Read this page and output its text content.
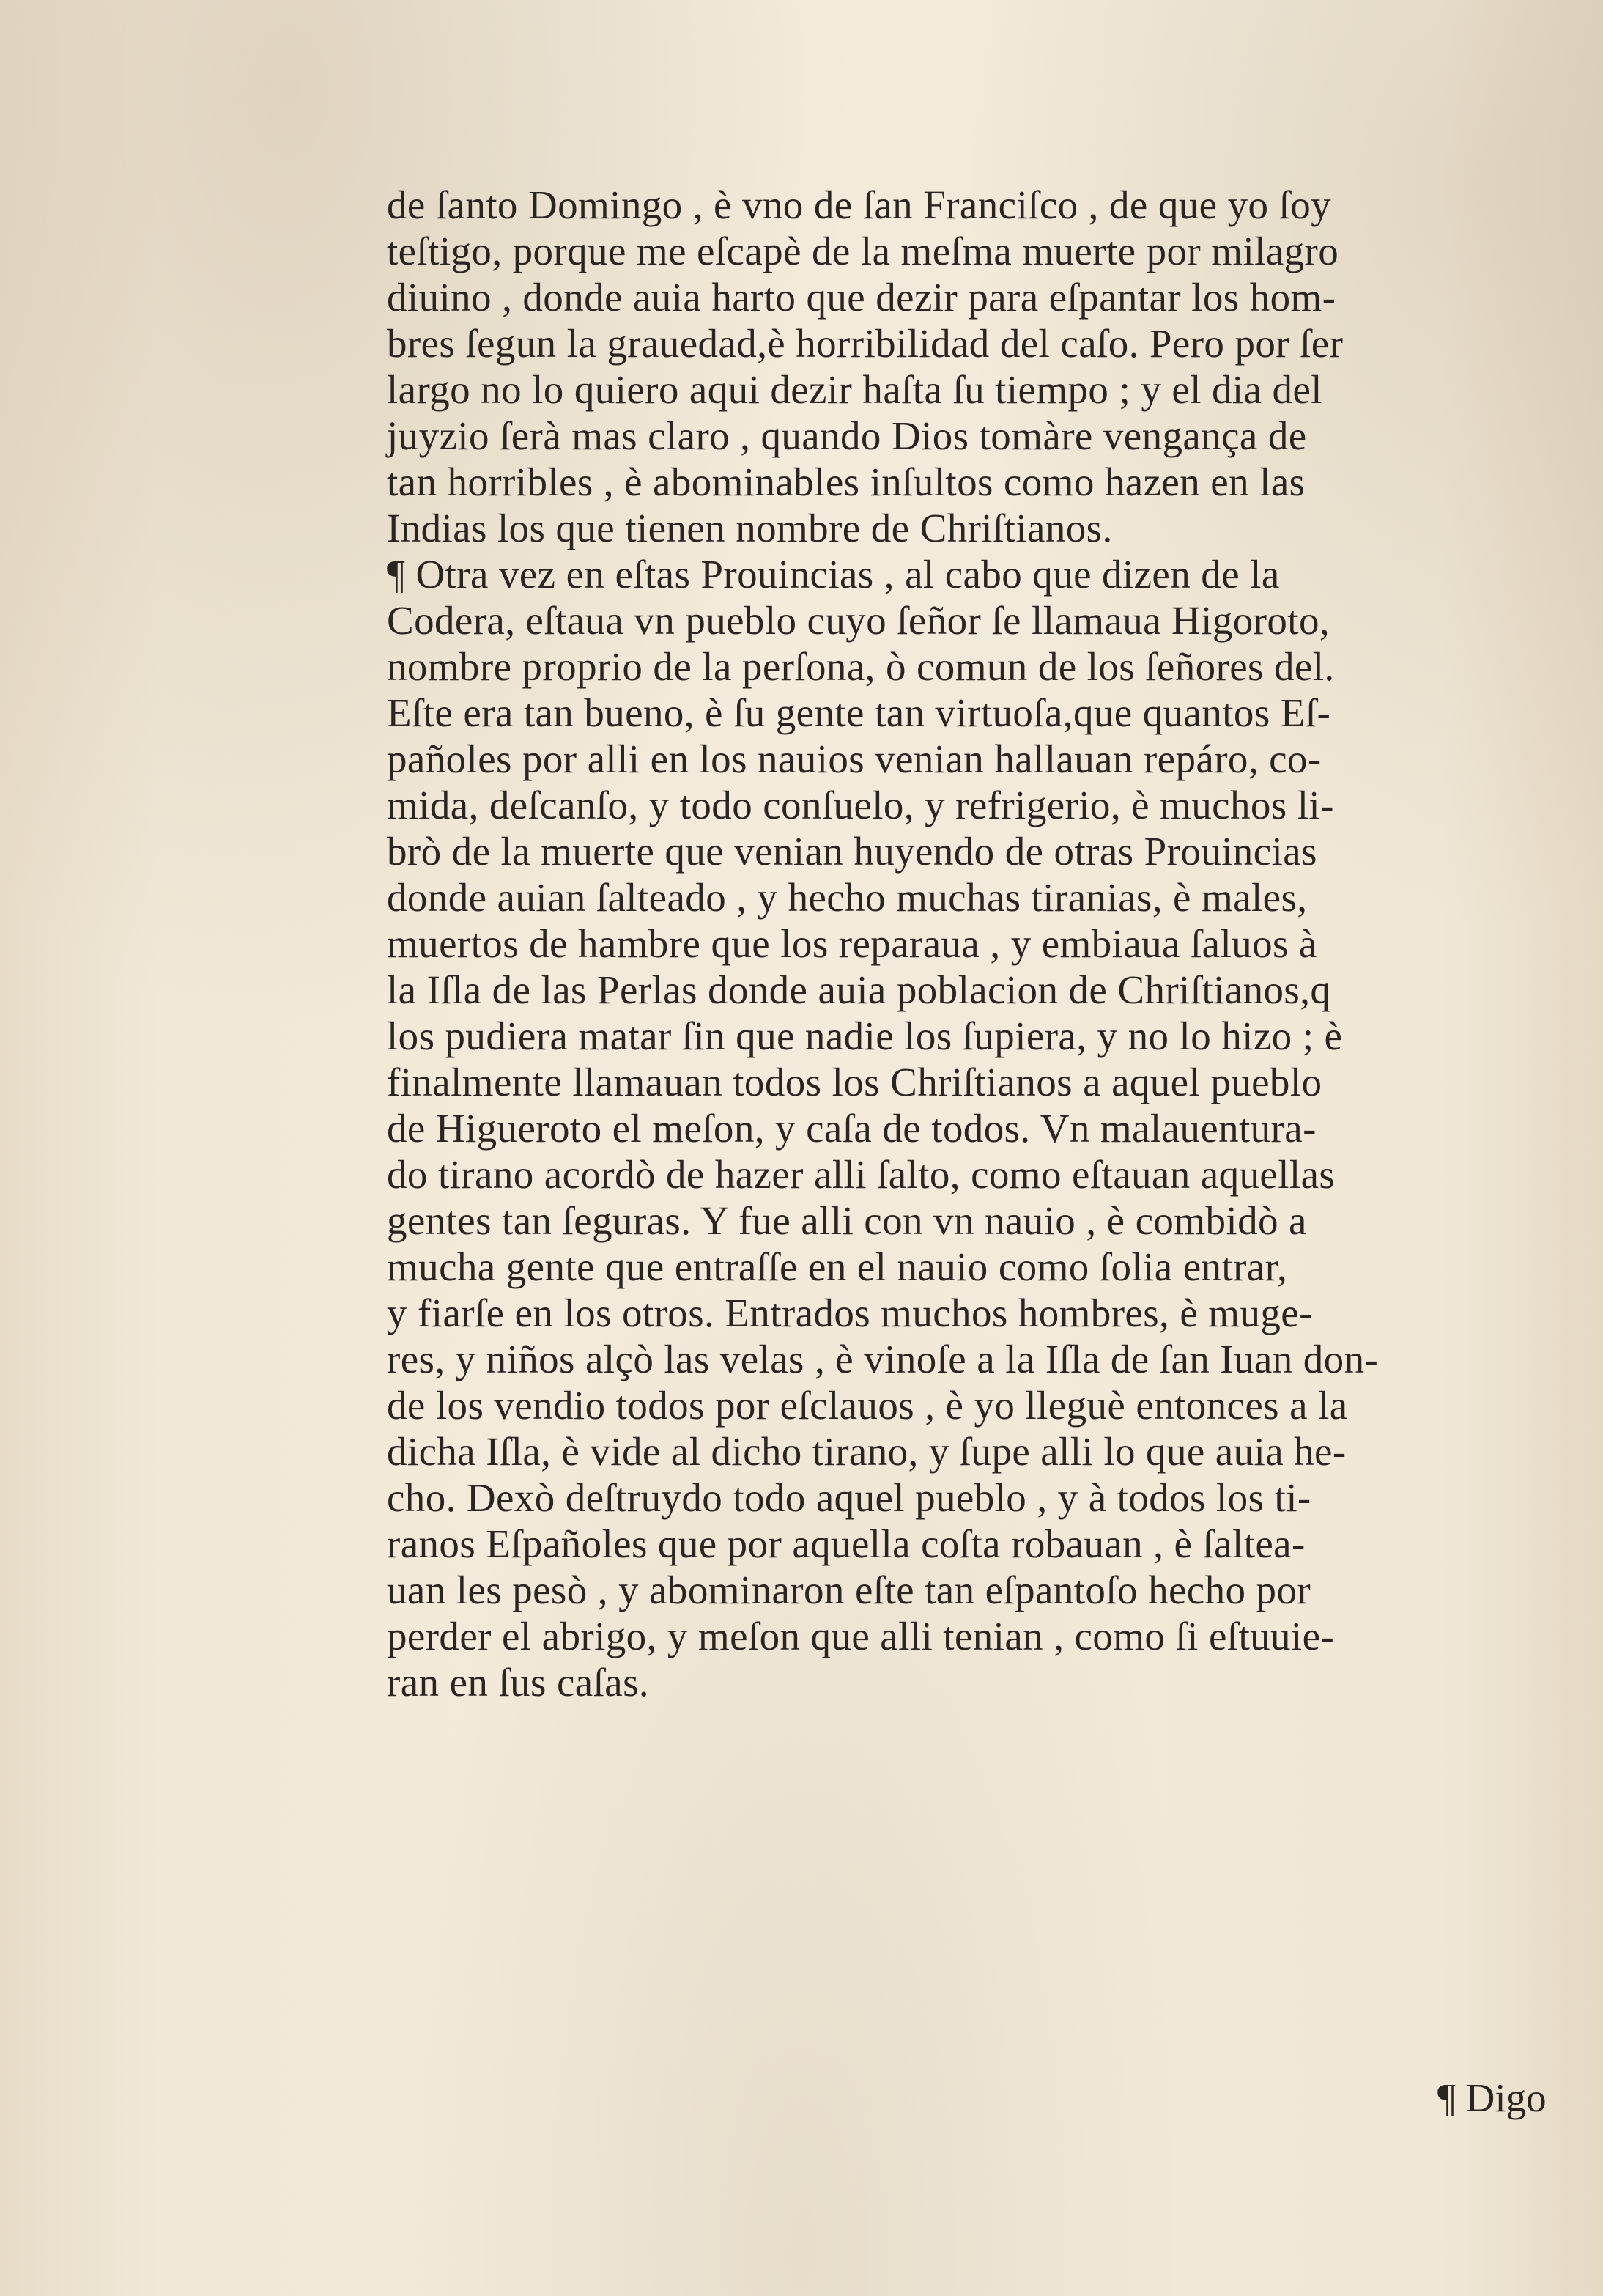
de ſanto Domingo , è vno de ſan Franciſco , de que yo ſoy
teſtigo, porque me eſcapè de la meſma muerte por milagro
diuino , donde auia harto que dezir para eſpantar los hom-
bres ſegun la grauedad,è horribilidad del caſo. Pero por ſer
largo no lo quiero aqui dezir haſta ſu tiempo ; y el dia del
juyzio ſerà mas claro , quando Dios tomàre vengança de
tan horribles , è abominables inſultos como hazen en las
Indias los que tienen nombre de Chriſtianos.
¶ Otra vez en eſtas Prouincias , al cabo que dizen de la
Codera, eſtaua vn pueblo cuyo ſeñor ſe llamaua Higoroto,
nombre proprio de la perſona, ò comun de los ſeñores del.
Eſte era tan bueno, è ſu gente tan virtuoſa,que quantos Eſ-
pañoles por alli en los nauios venian hallauan repáro, co-
mida, deſcanſo, y todo conſuelo, y refrigerio, è muchos li-
brò de la muerte que venian huyendo de otras Prouincias
donde auian ſalteado , y hecho muchas tiranias, è males,
muertos de hambre que los reparaua , y embiaua ſaluos à
la Iſla de las Perlas donde auia poblacion de Chriſtianos,q
los pudiera matar ſin que nadie los ſupiera, y no lo hizo ; è
finalmente llamauan todos los Chriſtianos a aquel pueblo
de Higueroto el meſon, y caſa de todos. Vn malauentura-
do tirano acordò de hazer alli ſalto, como eſtauan aquellas
gentes tan ſeguras. Y fue alli con vn nauio , è combidò a
mucha gente que entraſſe en el nauio como ſolia entrar,
y fiarſe en los otros. Entrados muchos hombres, è muge-
res, y niños alçò las velas , è vinoſe a la Iſla de ſan Iuan don-
de los vendio todos por eſclauos , è yo lleguè entonces a la
dicha Iſla, è vide al dicho tirano, y ſupe alli lo que auia he-
cho. Dexò deſtruydo todo aquel pueblo , y à todos los ti-
ranos Eſpañoles que por aquella coſta robauan , è ſaltea-
uan les pesò , y abominaron eſte tan eſpantoſo hecho por
perder el abrigo, y meſon que alli tenian , como ſi eſtuuie-
ran en ſus caſas.
¶ Digo
